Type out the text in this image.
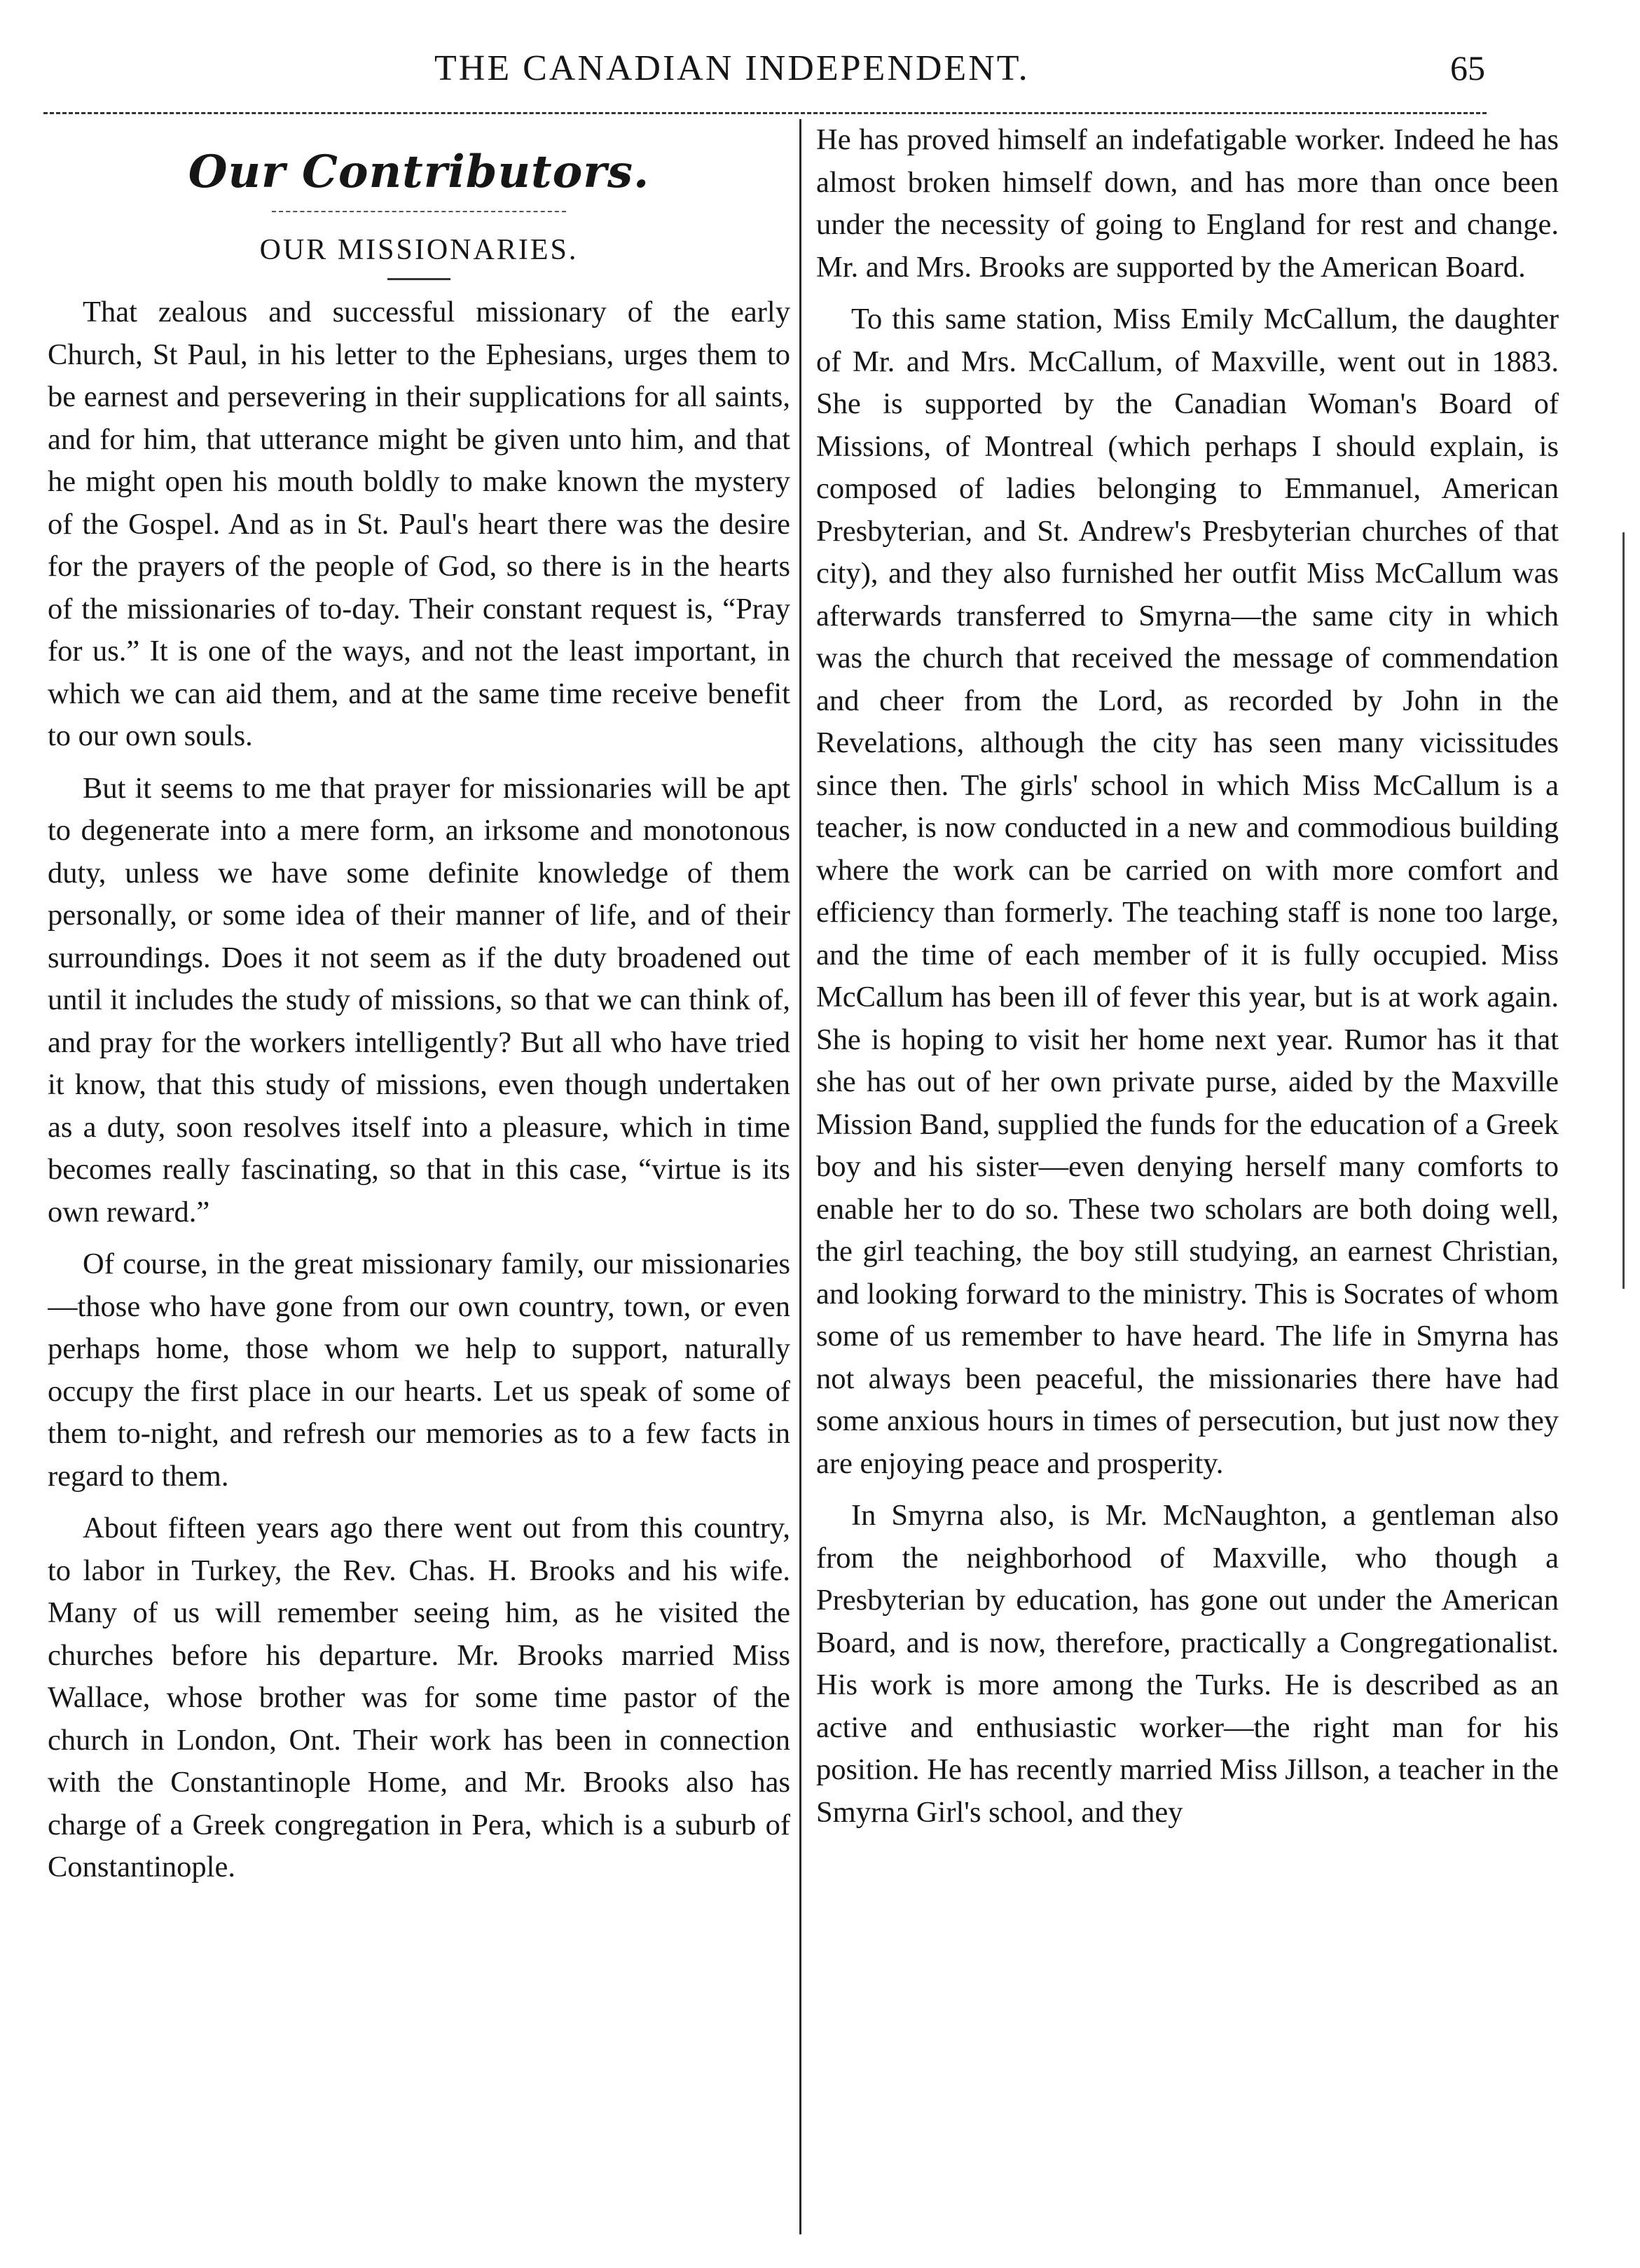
THE CANADIAN INDEPENDENT.	65
Our Contributors.
OUR MISSIONARIES.

That zealous and successful missionary of the early Church, St Paul, in his letter to the Ephesians, urges them to be earnest and persevering in their supplications for all saints, and for him, that utterance might be given unto him, and that he might open his mouth boldly to make known the mystery of the Gospel. And as in St. Paul's heart there was the desire for the prayers of the people of God, so there is in the hearts of the missionaries of to-day. Their constant request is, “Pray for us.” It is one of the ways, and not the least important, in which we can aid them, and at the same time receive benefit to our own souls.

But it seems to me that prayer for missionaries will be apt to degenerate into a mere form, an irksome and monotonous duty, unless we have some definite knowledge of them personally, or some idea of their manner of life, and of their surroundings. Does it not seem as if the duty broadened out until it includes the study of missions, so that we can think of, and pray for the workers intelligently? But all who have tried it know, that this study of missions, even though undertaken as a duty, soon resolves itself into a pleasure, which in time becomes really fascinating, so that in this case, “virtue is its own reward.”

Of course, in the great missionary family, our missionaries—those who have gone from our own country, town, or even perhaps home, those whom we help to support, naturally occupy the first place in our hearts. Let us speak of some of them to-night, and refresh our memories as to a few facts in regard to them.

About fifteen years ago there went out from this country, to labor in Turkey, the Rev. Chas. H. Brooks and his wife. Many of us will remember seeing him, as he visited the churches before his departure. Mr. Brooks married Miss Wallace, whose brother was for some time pastor of the church in London, Ont. Their work has been in connection with the Constantinople Home, and Mr. Brooks also has charge of a Greek congregation in Pera, which is a suburb of Constantinople.

He has proved himself an indefatigable worker. Indeed he has almost broken himself down, and has more than once been under the necessity of going to England for rest and change. Mr. and Mrs. Brooks are supported by the American Board.

To this same station, Miss Emily McCallum, the daughter of Mr. and Mrs. McCallum, of Maxville, went out in 1883. She is supported by the Canadian Woman's Board of Missions, of Montreal (which perhaps I should explain, is composed of ladies belonging to Emmanuel, American Presbyterian, and St. Andrew's Presbyterian churches of that city), and they also furnished her outfit Miss McCallum was afterwards transferred to Smyrna—the same city in which was the church that received the message of commendation and cheer from the Lord, as recorded by John in the Revelations, although the city has seen many vicissitudes since then. The girls' school in which Miss McCallum is a teacher, is now conducted in a new and commodious building where the work can be carried on with more comfort and efficiency than formerly. The teaching staff is none too large, and the time of each member of it is fully occupied. Miss McCallum has been ill of fever this year, but is at work again. She is hoping to visit her home next year. Rumor has it that she has out of her own private purse, aided by the Maxville Mission Band, supplied the funds for the education of a Greek boy and his sister—even denying herself many comforts to enable her to do so. These two scholars are both doing well, the girl teaching, the boy still studying, an earnest Christian, and looking forward to the ministry. This is Socrates of whom some of us remember to have heard. The life in Smyrna has not always been peaceful, the missionaries there have had some anxious hours in times of persecution, but just now they are enjoying peace and prosperity.

In Smyrna also, is Mr. McNaughton, a gentleman also from the neighborhood of Maxville, who though a Presbyterian by education, has gone out under the American Board, and is now, therefore, practically a Congregationalist. His work is more among the Turks. He is described as an active and enthusiastic worker—the right man for his position. He has recently married Miss Jillson, a teacher in the Smyrna Girl's school, and they
